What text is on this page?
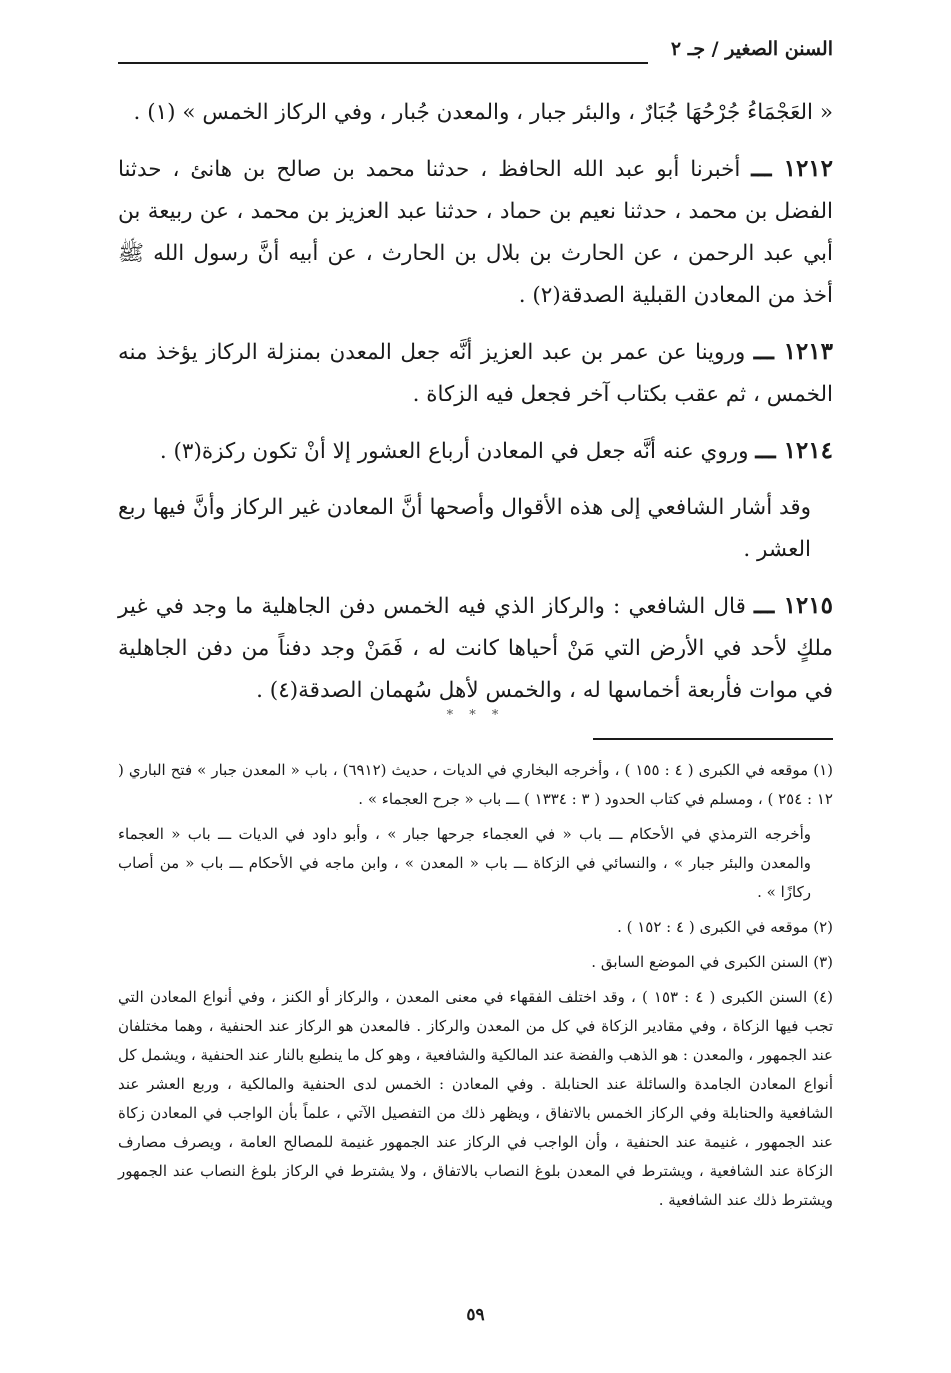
السنن الصغير / جـ ٢

« العَجْمَاءُ جُرْحُهَا جُبَارٌ ، والبئر جبار ، والمعدن جُبار ، وفي الركاز الخمس » (١) .

١٢١٢ ـــ أخبرنا أبو عبد الله الحافظ ، حدثنا محمد بن صالح بن هانئ ، حدثنا الفضل بن محمد ، حدثنا نعيم بن حماد ، حدثنا عبد العزيز بن محمد ، عن ربيعة بن أبي عبد الرحمن ، عن الحارث بن بلال بن الحارث ، عن أبيه أنَّ رسول الله ﷺ أخذ من المعادن القبلية الصدقة(٢) .

١٢١٣ ـــ وروينا عن عمر بن عبد العزيز أنَّه جعل المعدن بمنزلة الركاز يؤخذ منه الخمس ، ثم عقب بكتاب آخر فجعل فيه الزكاة .

١٢١٤ ـــ وروي عنه أنَّه جعل في المعادن أرباع العشور إلا أنْ تكون ركزة(٣) .

وقد أشار الشافعي إلى هذه الأقوال وأصحها أنَّ المعادن غير الركاز وأنَّ فيها ربع العشر .

١٢١٥ ـــ قال الشافعي : والركاز الذي فيه الخمس دفن الجاهلية ما وجد في غير ملكٍ لأحد في الأرض التي مَنْ أحياها كانت له ، فَمَنْ وجد دفناً من دفن الجاهلية في موات فأربعة أخماسها له ، والخمس لأهل سُهمان الصدقة(٤) .

* * *

(١) موقعه في الكبرى ( ٤ : ١٥٥ ) ، وأخرجه البخاري في الديات ، حديث (٦٩١٢) ، باب « المعدن جبار » فتح الباري ( ١٢ : ٢٥٤ ) ، ومسلم في كتاب الحدود ( ٣ : ١٣٣٤ ) ـــ باب « جرح العجماء » .

وأخرجه الترمذي في الأحكام ـــ باب « في العجماء جرحها جبار » ، وأبو داود في الديات ـــ باب « العجماء والمعدن والبئر جبار » ، والنسائي في الزكاة ـــ باب « المعدن » ، وابن ماجه في الأحكام ـــ باب « من أصاب ركازًا » .

(٢) موقعه في الكبرى ( ٤ : ١٥٢ ) .

(٣) السنن الكبرى في الموضع السابق .

(٤) السنن الكبرى ( ٤ : ١٥٣ ) ، وقد اختلف الفقهاء في معنى المعدن ، والركاز أو الكنز ، وفي أنواع المعادن التي تجب فيها الزكاة ، وفي مقادير الزكاة في كل من المعدن والركاز . فالمعدن هو الركاز عند الحنفية ، وهما مختلفان عند الجمهور ، والمعدن : هو الذهب والفضة عند المالكية والشافعية ، وهو كل ما ينطبع بالنار عند الحنفية ، ويشمل كل أنواع المعادن الجامدة والسائلة عند الحنابلة . وفي المعادن : الخمس لدى الحنفية والمالكية ، وربع العشر عند الشافعية والحنابلة وفي الركاز الخمس بالاتفاق ، ويظهر ذلك من التفصيل الآتي ، علماً بأن الواجب في المعادن زكاة عند الجمهور ، غنيمة عند الحنفية ، وأن الواجب في الركاز عند الجمهور غنيمة للمصالح العامة ، ويصرف مصارف الزكاة عند الشافعية ، ويشترط في المعدن بلوغ النصاب بالاتفاق ، ولا يشترط في الركاز بلوغ النصاب عند الجمهور ويشترط ذلك عند الشافعية .

٥٩
